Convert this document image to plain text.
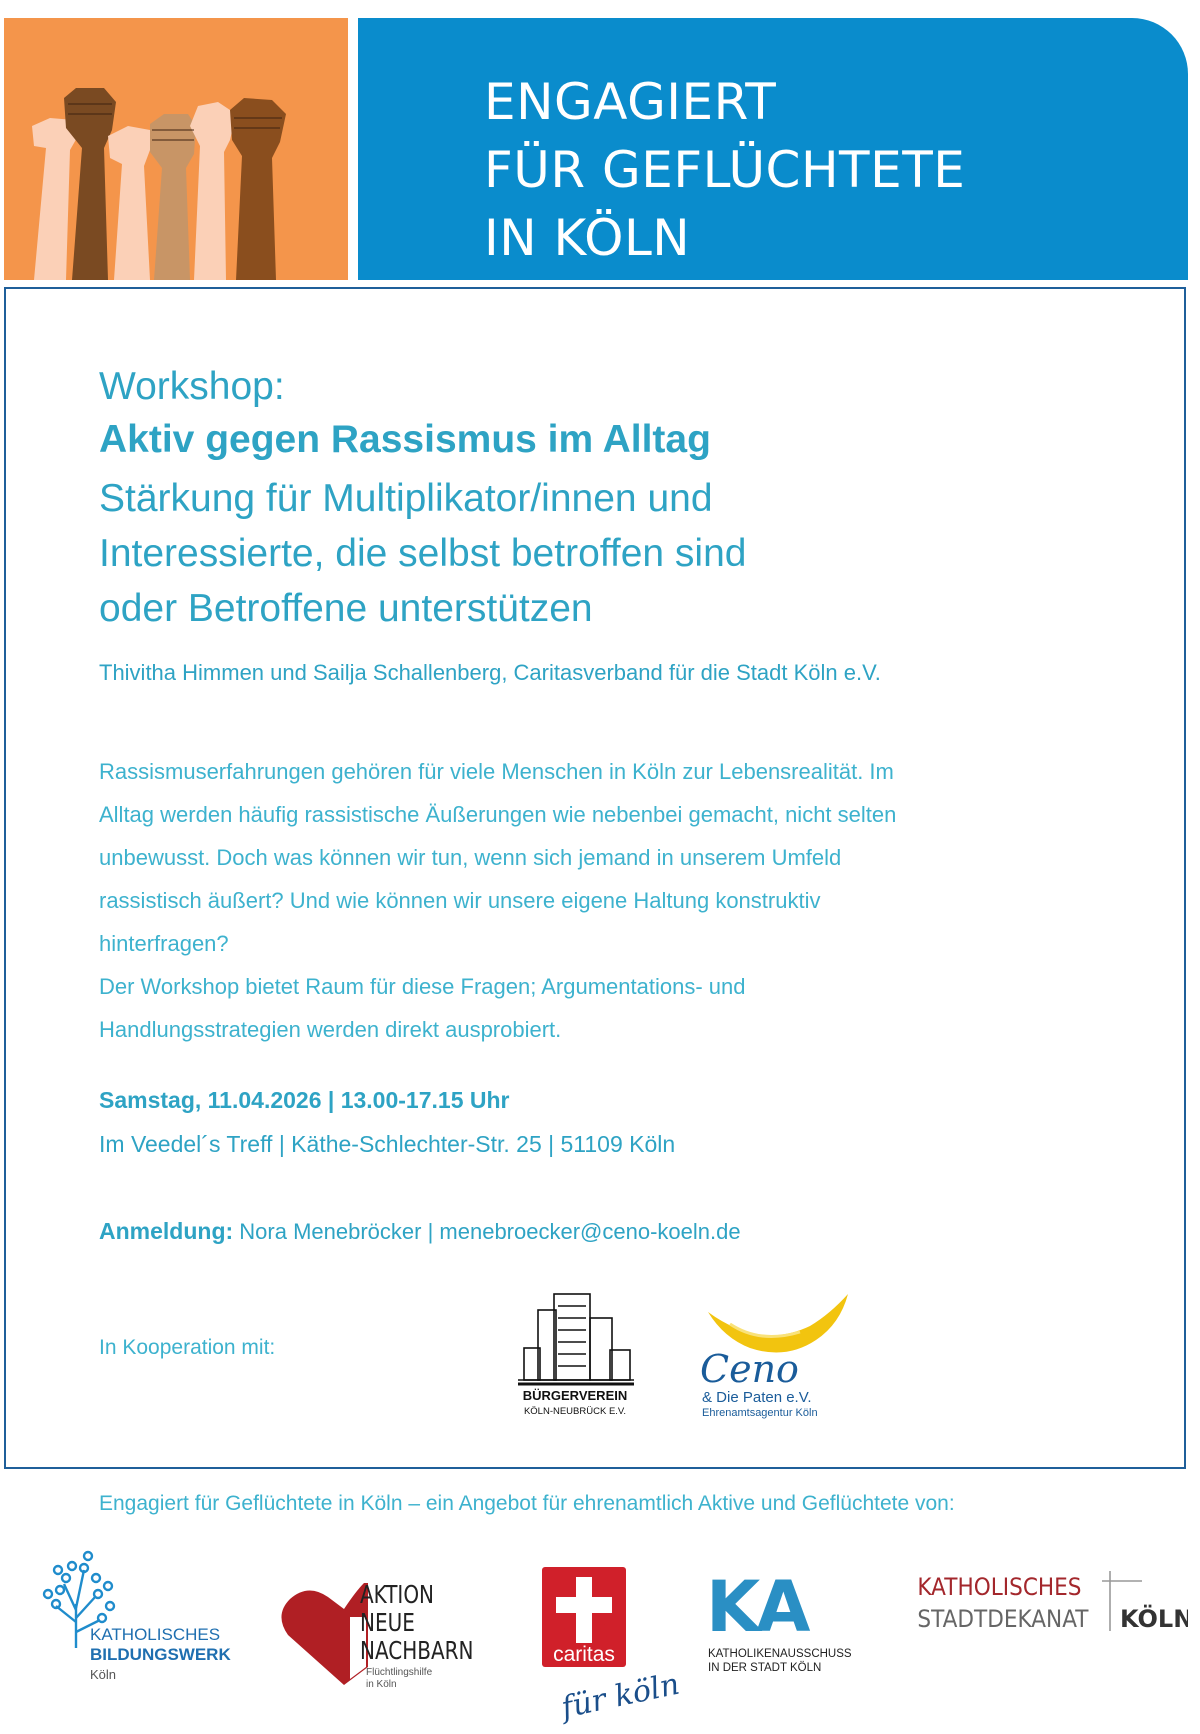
ENGAGIERT
FÜR GEFLÜCHTETE
IN KÖLN
Workshop:
Aktiv gegen Rassismus im Alltag
Stärkung für Multiplikator/innen und
Interessierte, die selbst betroffen sind
oder Betroffene unterstützen
Thivitha Himmen und Sailja Schallenberg, Caritasverband für die Stadt Köln e.V.
Rassismuserfahrungen gehören für viele Menschen in Köln zur Lebensrealität. Im
Alltag werden häufig rassistische Äußerungen wie nebenbei gemacht, nicht selten
unbewusst. Doch was können wir tun, wenn sich jemand in unserem Umfeld
rassistisch äußert? Und wie können wir unsere eigene Haltung konstruktiv
hinterfragen?
Der Workshop bietet Raum für diese Fragen; Argumentations- und
Handlungsstrategien werden direkt ausprobiert.
Samstag, 11.04.2026 | 13.00-17.15 Uhr
Im Veedel´s Treff | Käthe-Schlechter-Str. 25 | 51109 Köln
Anmeldung: Nora Menebröcker | menebroecker@ceno-koeln.de
In Kooperation mit:
BÜRGERVEREIN
KÖLN-NEUBRÜCK E.V.
Ceno
& Die Paten e.V.
Ehrenamtsagentur Köln
Engagiert für Geflüchtete in Köln – ein Angebot für ehrenamtlich Aktive und Geflüchtete von:
KATHOLISCHES
BILDUNGSWERK
Köln
AKTION
NEUE
NACHBARN
Flüchtlingshilfe
in Köln
caritas
für köln
KA
KATHOLIKENAUSSCHUSS
IN DER STADT KÖLN
KATHOLISCHES
STADTDEKANAT KÖLN
